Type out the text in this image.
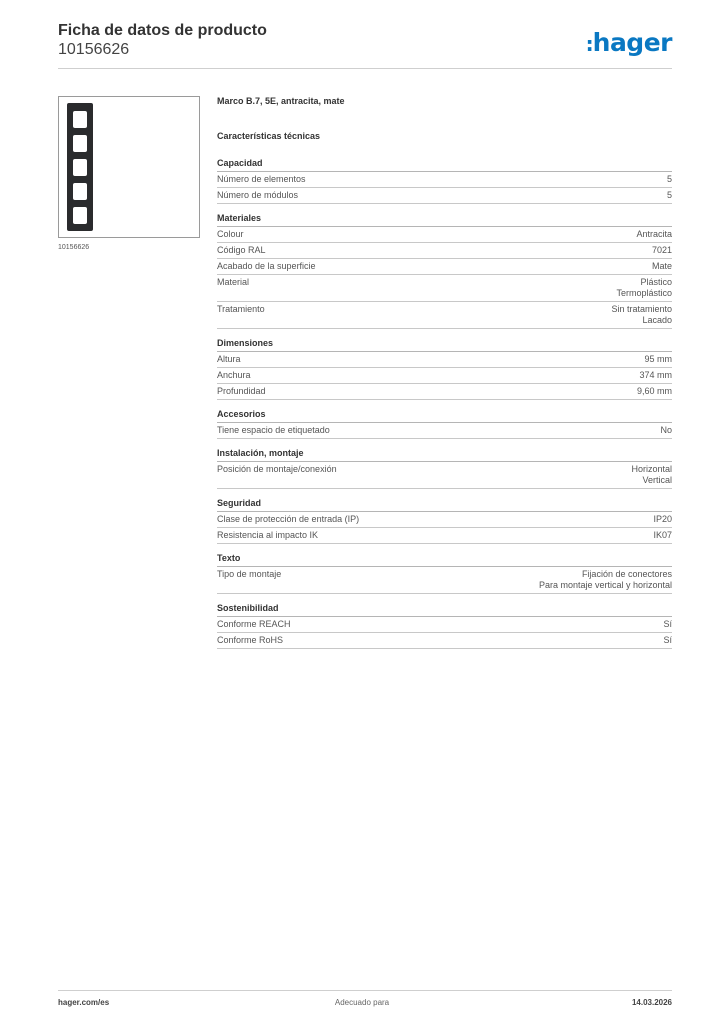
Ficha de datos de producto
10156626	:hager
10156626
Marco B.7, 5E, antracita, mate
Características técnicas
Capacidad
Número de elementos	5
Número de módulos	5
Materiales
Colour	Antracita
Código RAL	7021
Acabado de la superficie	Mate
Material	Plástico
Termoplástico
Tratamiento	Sin tratamiento
Lacado
Dimensiones
Altura	95 mm
Anchura	374 mm
Profundidad	9,60 mm
Accesorios
Tiene espacio de etiquetado	No
Instalación, montaje
Posición de montaje/conexión	Horizontal
Vertical
Seguridad
Clase de protección de entrada (IP)	IP20
Resistencia al impacto IK	IK07
Texto
Tipo de montaje	Fijación de conectores
Para montaje vertical y horizontal
Sostenibilidad
Conforme REACH	Sí
Conforme RoHS	Sí
hager.com/es	Adecuado para	14.03.2026
